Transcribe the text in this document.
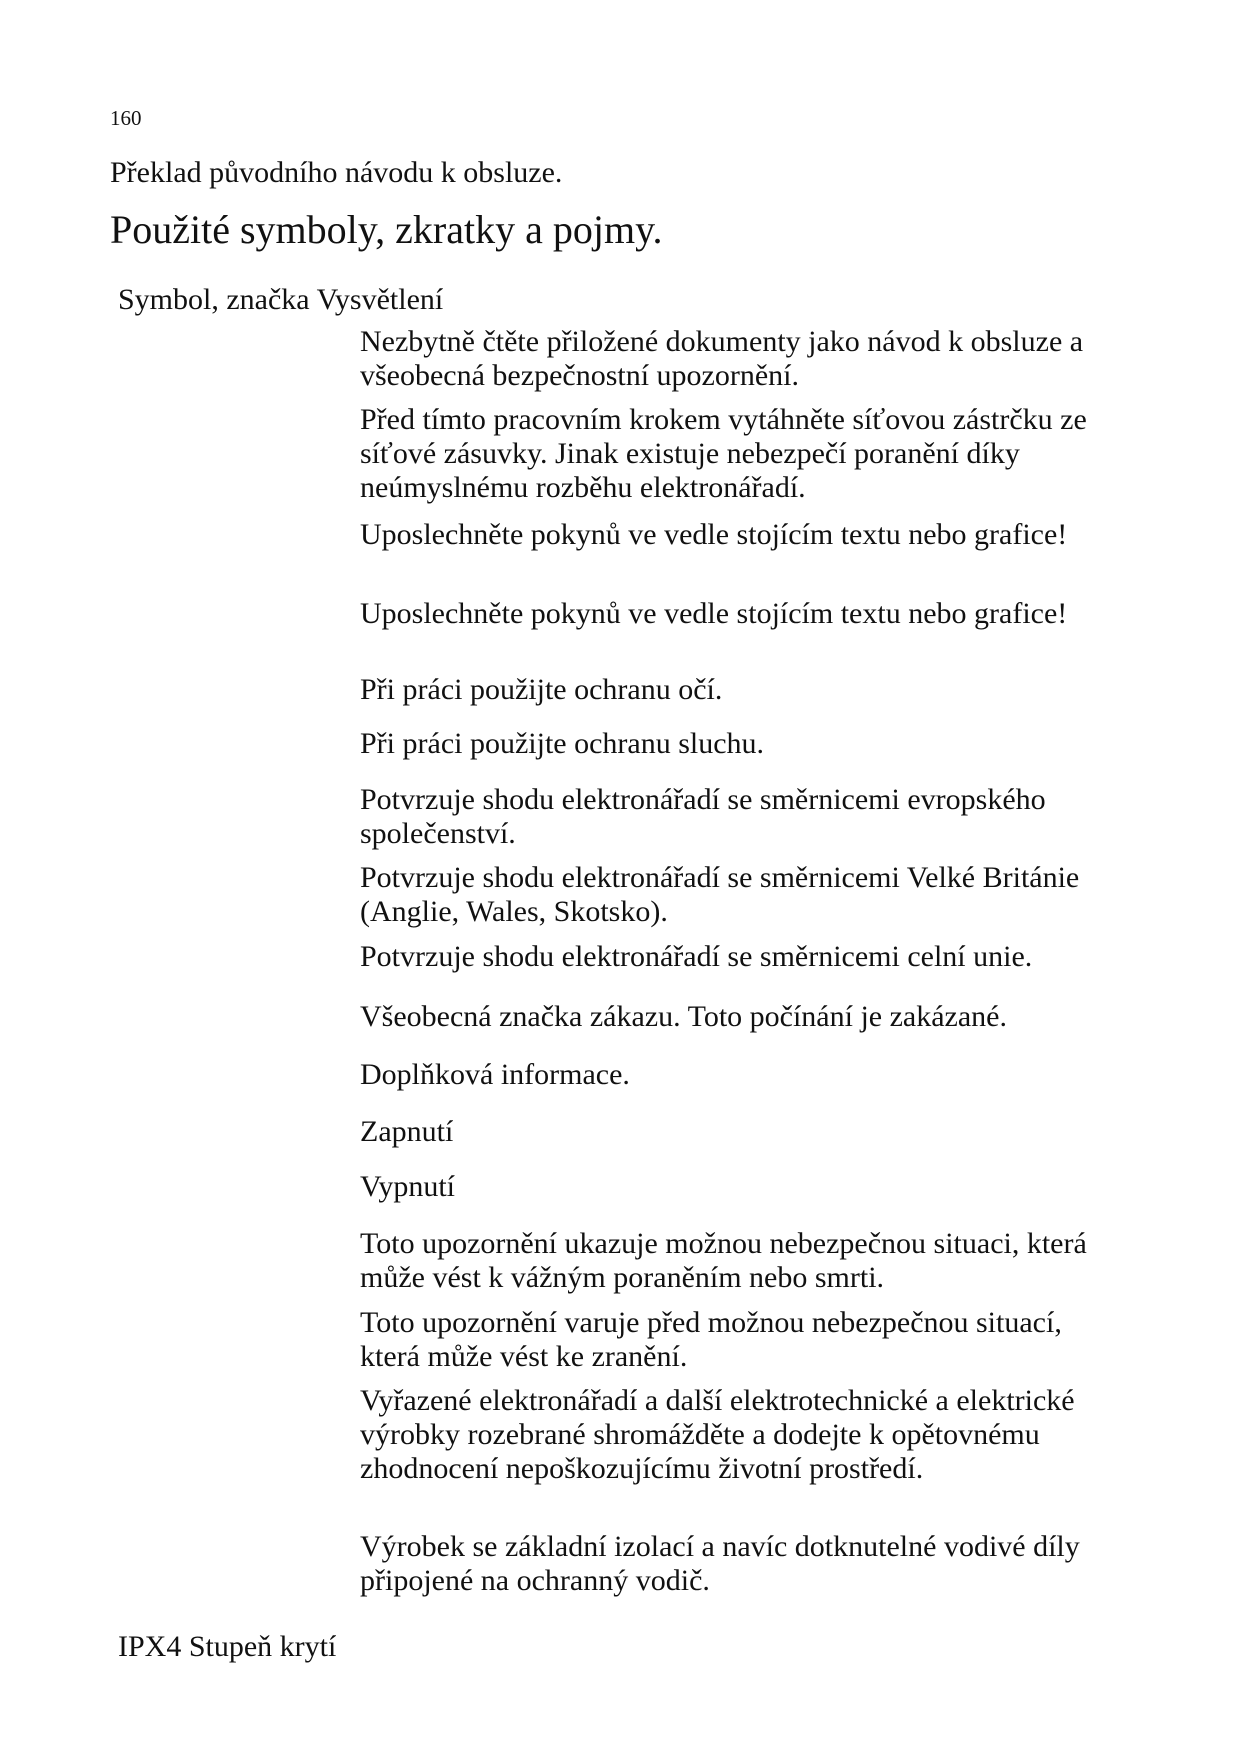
160
Překlad původního návodu k obsluze.
Použité symboly, zkratky a pojmy.
Symbol, značka Vysvětlení
Nezbytně čtěte přiložené dokumenty jako návod k obsluze a všeobecná bezpečnostní upozornění.
Před tímto pracovním krokem vytáhněte síťovou zástrčku ze síťové zásuvky. Jinak existuje nebezpečí poranění díky neúmyslnému rozběhu elektronářadí.
Uposlechněte pokynů ve vedle stojícím textu nebo grafice!
Uposlechněte pokynů ve vedle stojícím textu nebo grafice!
Při práci použijte ochranu očí.
Při práci použijte ochranu sluchu.
Potvrzuje shodu elektronářadí se směrnicemi evropského společenství.
Potvrzuje shodu elektronářadí se směrnicemi Velké Británie (Anglie, Wales, Skotsko).
Potvrzuje shodu elektronářadí se směrnicemi celní unie.
Všeobecná značka zákazu. Toto počínání je zakázané.
Doplňková informace.
Zapnutí
Vypnutí
Toto upozornění ukazuje možnou nebezpečnou situaci, která může vést k vážným poraněním nebo smrti.
Toto upozornění varuje před možnou nebezpečnou situací, která může vést ke zranění.
Vyřazené elektronářadí a další elektrotechnické a elektrické výrobky rozebrané shromážděte a dodejte k opětovnému zhodnocení nepoškozujícímu životní prostředí.
Výrobek se základní izolací a navíc dotknutelné vodivé díly připojené na ochranný vodič.
IPX4 Stupeň krytí
